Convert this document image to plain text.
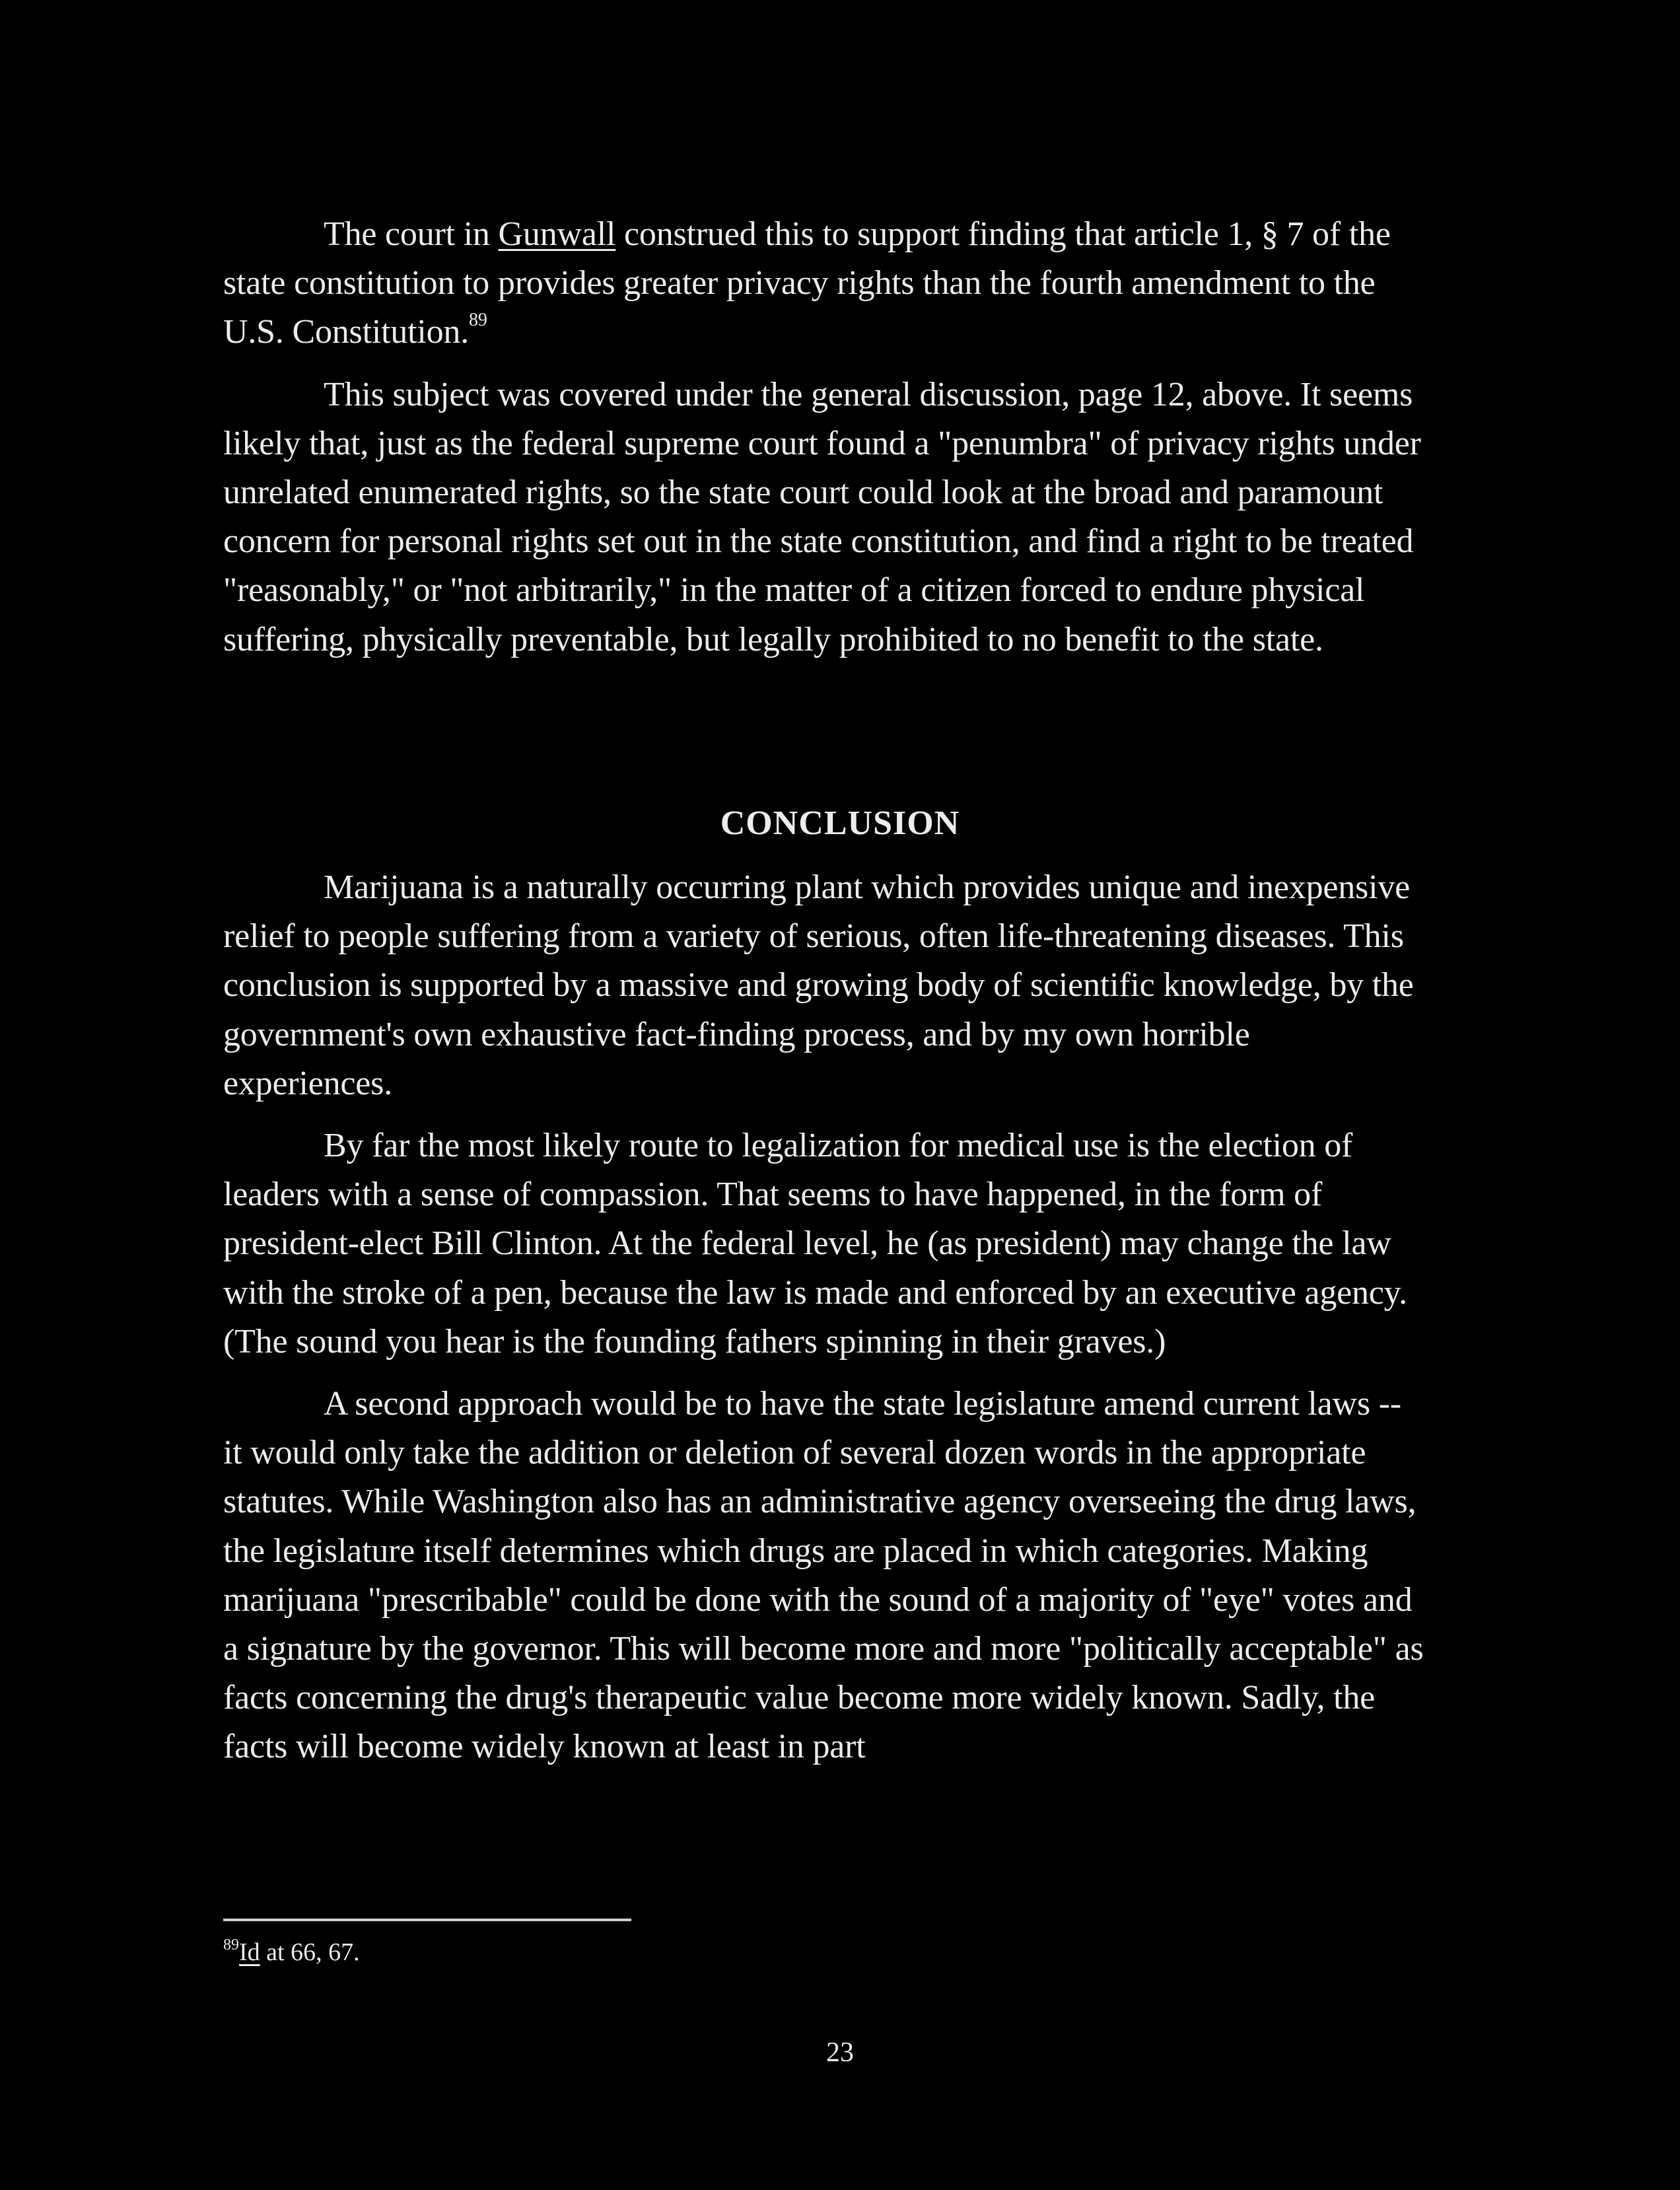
The court in Gunwall construed this to support finding that article 1, § 7 of the state constitution to provides greater privacy rights than the fourth amendment to the U.S. Constitution.$^{89}$

This subject was covered under the general discussion, page 12, above. It seems likely that, just as the federal supreme court found a "penumbra" of privacy rights under unrelated enumerated rights, so the state court could look at the broad and paramount concern for personal rights set out in the state constitution, and find a right to be treated "reasonably," or "not arbitrarily," in the matter of a citizen forced to endure physical suffering, physically preventable, but legally prohibited to no benefit to the state.

CONCLUSION

Marijuana is a naturally occurring plant which provides unique and inexpensive relief to people suffering from a variety of serious, often life-threatening diseases. This conclusion is supported by a massive and growing body of scientific knowledge, by the government's own exhaustive fact-finding process, and by my own horrible experiences.

By far the most likely route to legalization for medical use is the election of leaders with a sense of compassion. That seems to have happened, in the form of president-elect Bill Clinton. At the federal level, he (as president) may change the law with the stroke of a pen, because the law is made and enforced by an executive agency. (The sound you hear is the founding fathers spinning in their graves.)

A second approach would be to have the state legislature amend current laws -- it would only take the addition or deletion of several dozen words in the appropriate statutes. While Washington also has an administrative agency overseeing the drug laws, the legislature itself determines which drugs are placed in which categories. Making marijuana "prescribable" could be done with the sound of a majority of "eye" votes and a signature by the governor. This will become more and more "politically acceptable" as facts concerning the drug's therapeutic value become more widely known. Sadly, the facts will become widely known at least in part

$^{89}$Id at 66, 67.

23
